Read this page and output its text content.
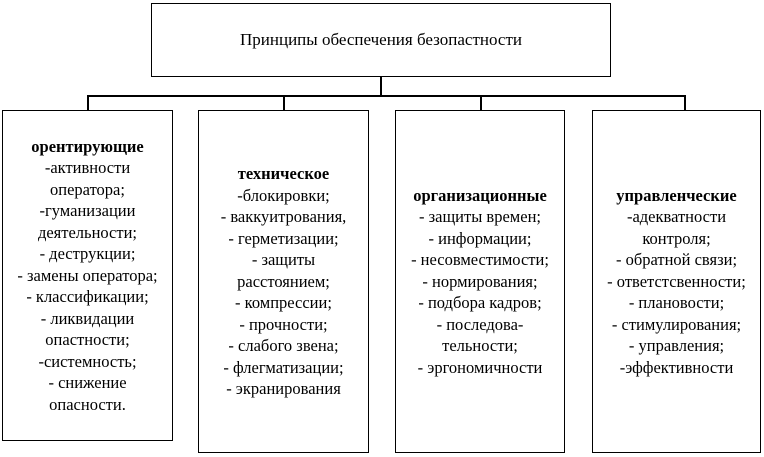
Принципы обеспечения безопастности
орентирующие
-активности
оператора;
-гуманизации
деятельности;
- деструкции;
- замены оператора;
- классификации;
- ликвидации
опастности;
-системность;
- снижение
опасности.
техническое
-блокировки;
- ваккуитрования,
- герметизации;
- защиты
расстоянием;
- компрессии;
- прочности;
- слабого звена;
- флегматизации;
- экранирования
организационные
- защиты времен;
- информации;
- несовместимости;
- нормирования;
- подбора кадров;
- последова-
тельности;
- эргономичности
управленческие
-адекватности
контроля;
- обратной связи;
- ответстсвенности;
- плановости;
- стимулирования;
- управления;
-эффективности
